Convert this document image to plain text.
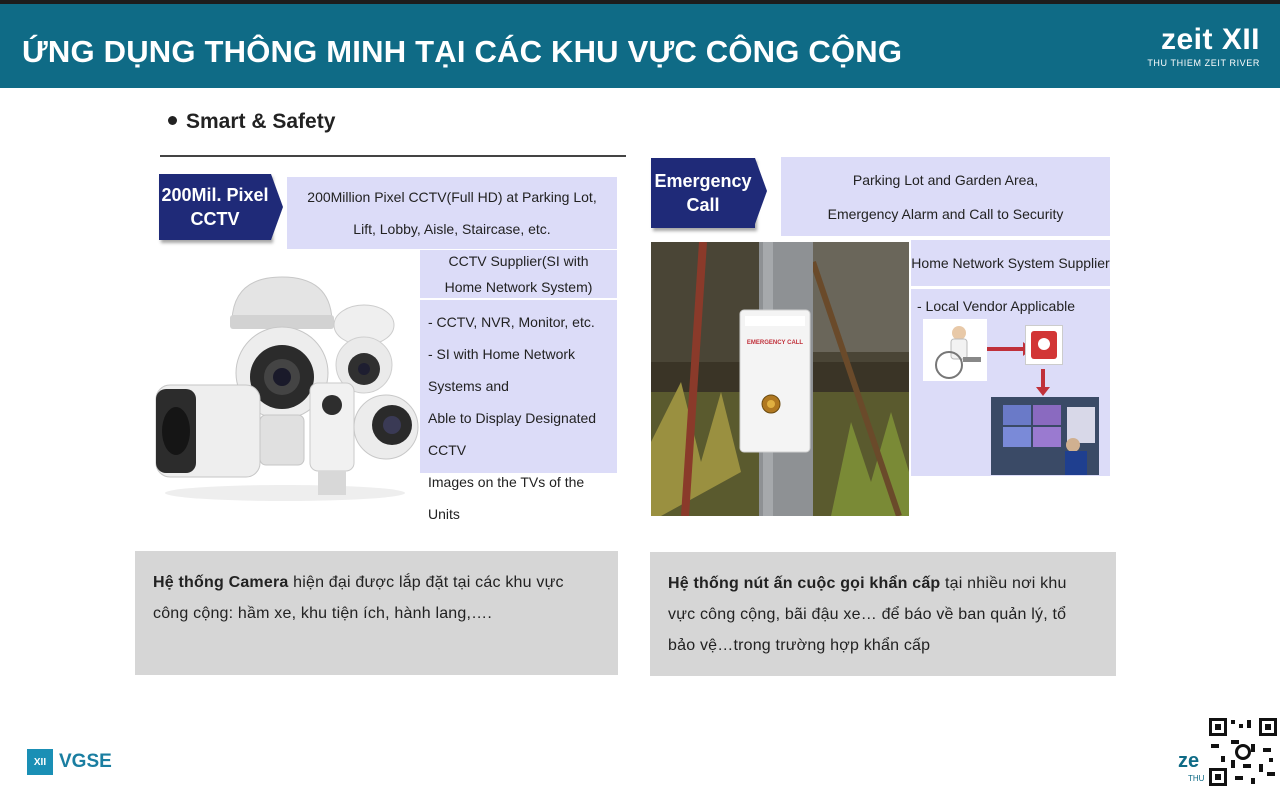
ỨNG DỤNG THÔNG MINH TẠI CÁC KHU VỰC CÔNG CỘNG	zeit XII
THU THIEM ZEIT RIVER
Smart & Safety
200Mil. Pixel
CCTV
200Million Pixel CCTV(Full HD) at Parking Lot,
Lift, Lobby, Aisle, Staircase, etc.
CCTV Supplier(SI with
Home Network System)
- CCTV, NVR, Monitor, etc.
- SI with Home Network Systems and
Able to Display Designated CCTV
Images on the TVs of the Units
Hệ thống Camera hiện đại được lắp đặt tại các khu vực công cộng: hầm xe, khu tiện ích, hành lang,….
Emergency
Call
Parking Lot and Garden Area,
Emergency Alarm and Call to Security
Home Network System Supplier
- Local Vendor Applicable
EMERGENCY CALL
Hệ thống nút ấn cuộc gọi khẩn cấp tại nhiều nơi khu vực công cộng, bãi đậu xe… để báo về ban quản lý, tổ bảo vệ…trong trường hợp khẩn cấp
XII VGSE	ze
THU
